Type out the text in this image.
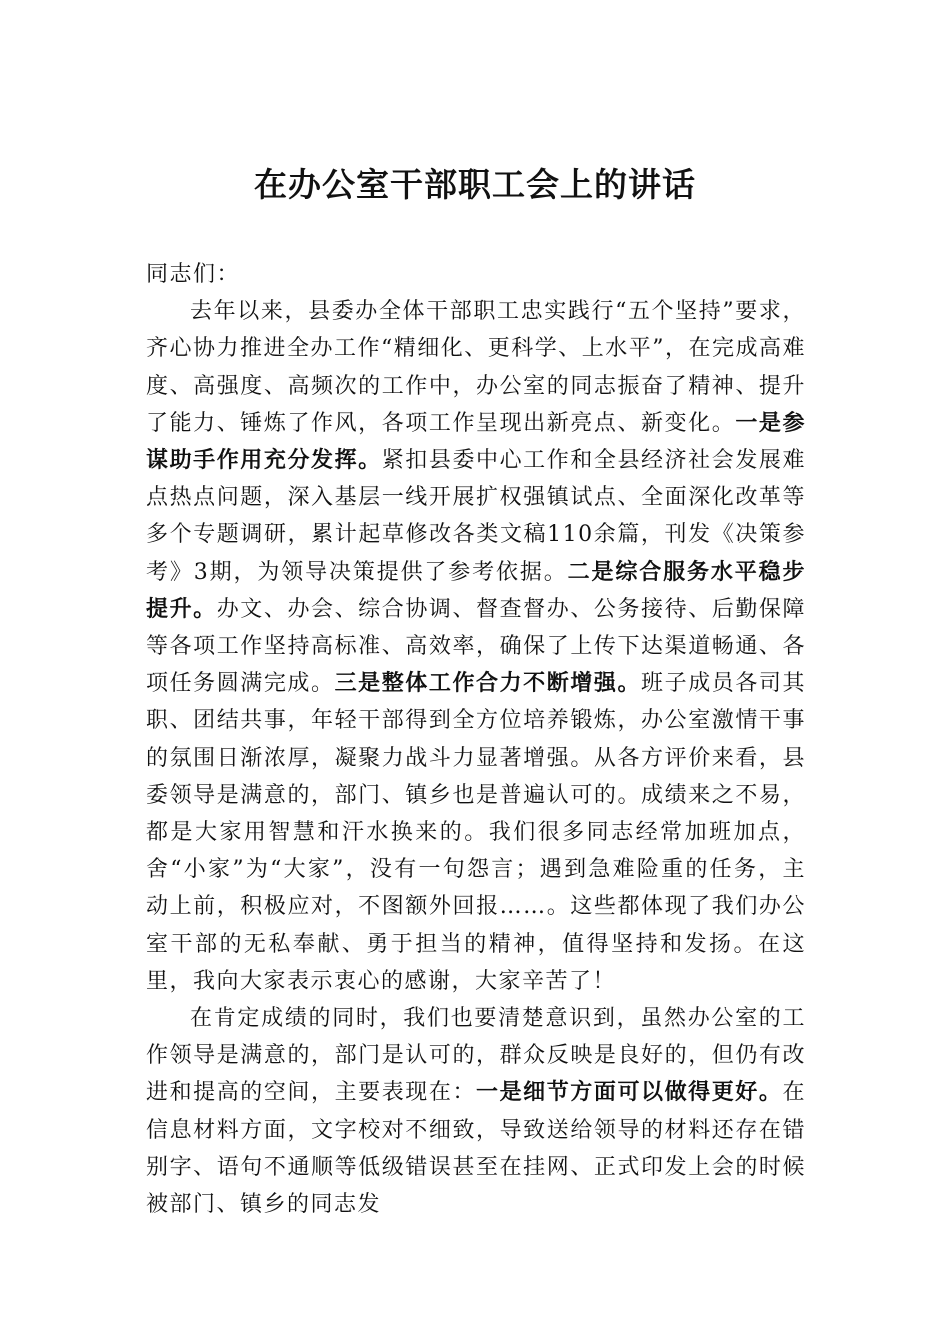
在办公室干部职工会上的讲话

同志们：

去年以来，县委办全体干部职工忠实践行“五个坚持”要求，齐心协力推进全办工作“精细化、更科学、上水平”，在完成高难度、高强度、高频次的工作中，办公室的同志振奋了精神、提升了能力、锤炼了作风，各项工作呈现出新亮点、新变化。一是参谋助手作用充分发挥。紧扣县委中心工作和全县经济社会发展难点热点问题，深入基层一线开展扩权强镇试点、全面深化改革等多个专题调研，累计起草修改各类文稿110余篇，刊发《决策参考》3期，为领导决策提供了参考依据。二是综合服务水平稳步提升。办文、办会、综合协调、督查督办、公务接待、后勤保障等各项工作坚持高标准、高效率，确保了上传下达渠道畅通、各项任务圆满完成。三是整体工作合力不断增强。班子成员各司其职、团结共事，年轻干部得到全方位培养锻炼，办公室激情干事的氛围日渐浓厚，凝聚力战斗力显著增强。从各方评价来看，县委领导是满意的，部门、镇乡也是普遍认可的。成绩来之不易，都是大家用智慧和汗水换来的。我们很多同志经常加班加点，舍“小家”为“大家”，没有一句怨言；遇到急难险重的任务，主动上前，积极应对，不图额外回报……。这些都体现了我们办公室干部的无私奉献、勇于担当的精神，值得坚持和发扬。在这里，我向大家表示衷心的感谢，大家辛苦了！

在肯定成绩的同时，我们也要清楚意识到，虽然办公室的工作领导是满意的，部门是认可的，群众反映是良好的，但仍有改进和提高的空间，主要表现在：一是细节方面可以做得更好。在信息材料方面，文字校对不细致，导致送给领导的材料还存在错别字、语句不通顺等低级错误甚至在挂网、正式印发上会的时候被部门、镇乡的同志发
